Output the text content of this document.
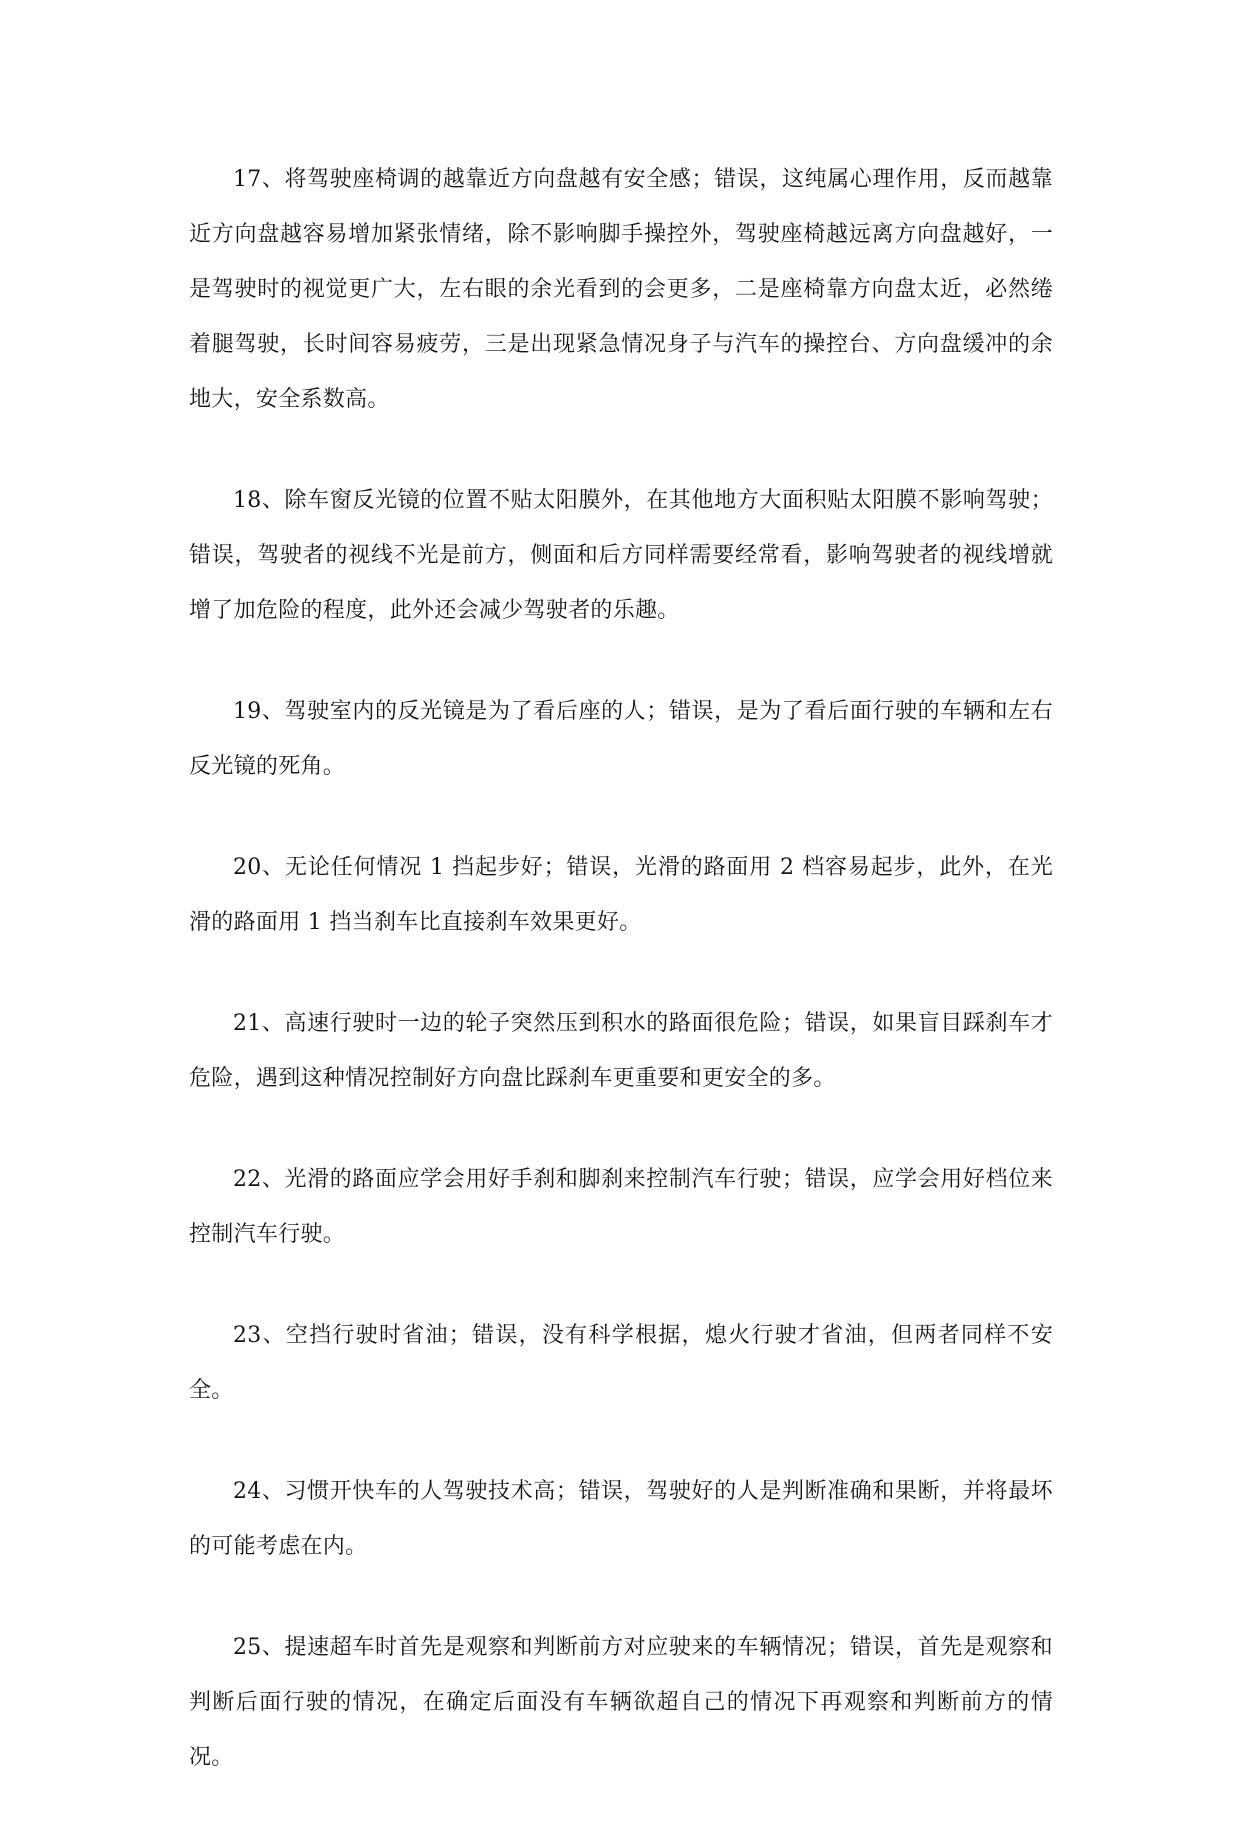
17、将驾驶座椅调的越靠近方向盘越有安全感；错误，这纯属心理作用，反而越靠近方向盘越容易增加紧张情绪，除不影响脚手操控外，驾驶座椅越远离方向盘越好，一是驾驶时的视觉更广大，左右眼的余光看到的会更多，二是座椅靠方向盘太近，必然绻着腿驾驶，长时间容易疲劳，三是出现紧急情况身子与汽车的操控台、方向盘缓冲的余地大，安全系数高。

18、除车窗反光镜的位置不贴太阳膜外，在其他地方大面积贴太阳膜不影响驾驶；错误，驾驶者的视线不光是前方，侧面和后方同样需要经常看，影响驾驶者的视线增就增了加危险的程度，此外还会减少驾驶者的乐趣。

19、驾驶室内的反光镜是为了看后座的人；错误，是为了看后面行驶的车辆和左右反光镜的死角。

20、无论任何情况 1 挡起步好；错误，光滑的路面用 2 档容易起步，此外，在光滑的路面用 1 挡当刹车比直接刹车效果更好。

21、高速行驶时一边的轮子突然压到积水的路面很危险；错误，如果盲目踩刹车才危险，遇到这种情况控制好方向盘比踩刹车更重要和更安全的多。

22、光滑的路面应学会用好手刹和脚刹来控制汽车行驶；错误，应学会用好档位来控制汽车行驶。

23、空挡行驶时省油；错误，没有科学根据，熄火行驶才省油，但两者同样不安全。

24、习惯开快车的人驾驶技术高；错误，驾驶好的人是判断准确和果断，并将最坏的可能考虑在内。

25、提速超车时首先是观察和判断前方对应驶来的车辆情况；错误，首先是观察和判断后面行驶的情况，在确定后面没有车辆欲超自己的情况下再观察和判断前方的情况。
